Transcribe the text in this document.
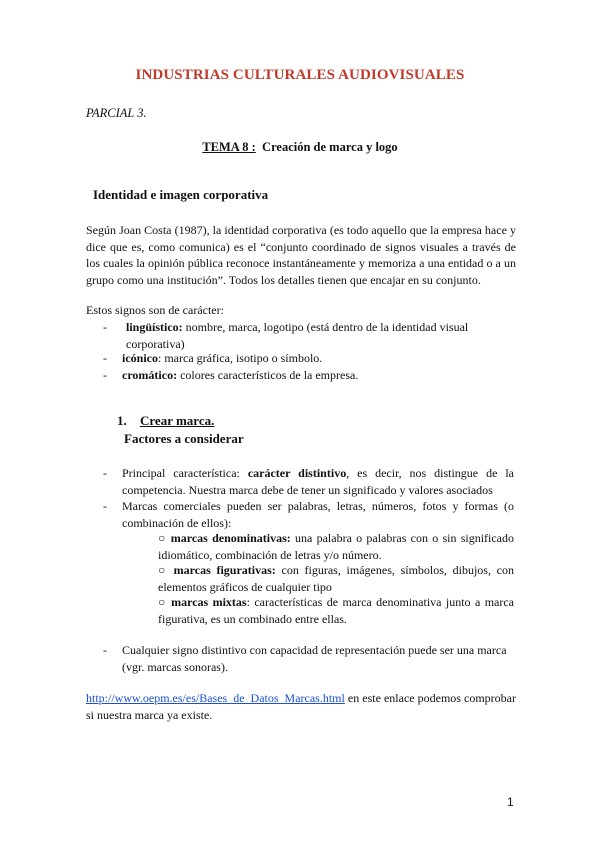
INDUSTRIAS CULTURALES AUDIOVISUALES
PARCIAL 3.
TEMA 8 : Creación de marca y logo
Identidad e imagen corporativa
Según Joan Costa (1987), la identidad corporativa (es todo aquello que la empresa hace y dice que es, como comunica) es el “conjunto coordinado de signos visuales a través de los cuales la opinión pública reconoce instantáneamente y memoriza a una entidad o a un grupo como una institución”. Todos los detalles tienen que encajar en su conjunto.
Estos signos son de carácter:
- lingüístico: nombre, marca, logotipo (está dentro de la identidad visual corporativa)
- icónico: marca gráfica, isotipo o símbolo.
- cromático: colores característicos de la empresa.
1. Crear marca.
Factores a considerar
- Principal característica: carácter distintivo, es decir, nos distingue de la competencia. Nuestra marca debe de tener un significado y valores asociados
- Marcas comerciales pueden ser palabras, letras, números, fotos y formas (o combinación de ellos):
○ marcas denominativas: una palabra o palabras con o sin significado idiomático, combinación de letras y/o número.
○ marcas figurativas: con figuras, imágenes, símbolos, dibujos, con elementos gráficos de cualquier tipo
○ marcas mixtas: características de marca denominativa junto a marca figurativa, es un combinado entre ellas.
- Cualquier signo distintivo con capacidad de representación puede ser una marca (vgr. marcas sonoras).
http://www.oepm.es/es/Bases_de_Datos_Marcas.html en este enlace podemos comprobar si nuestra marca ya existe.
1
